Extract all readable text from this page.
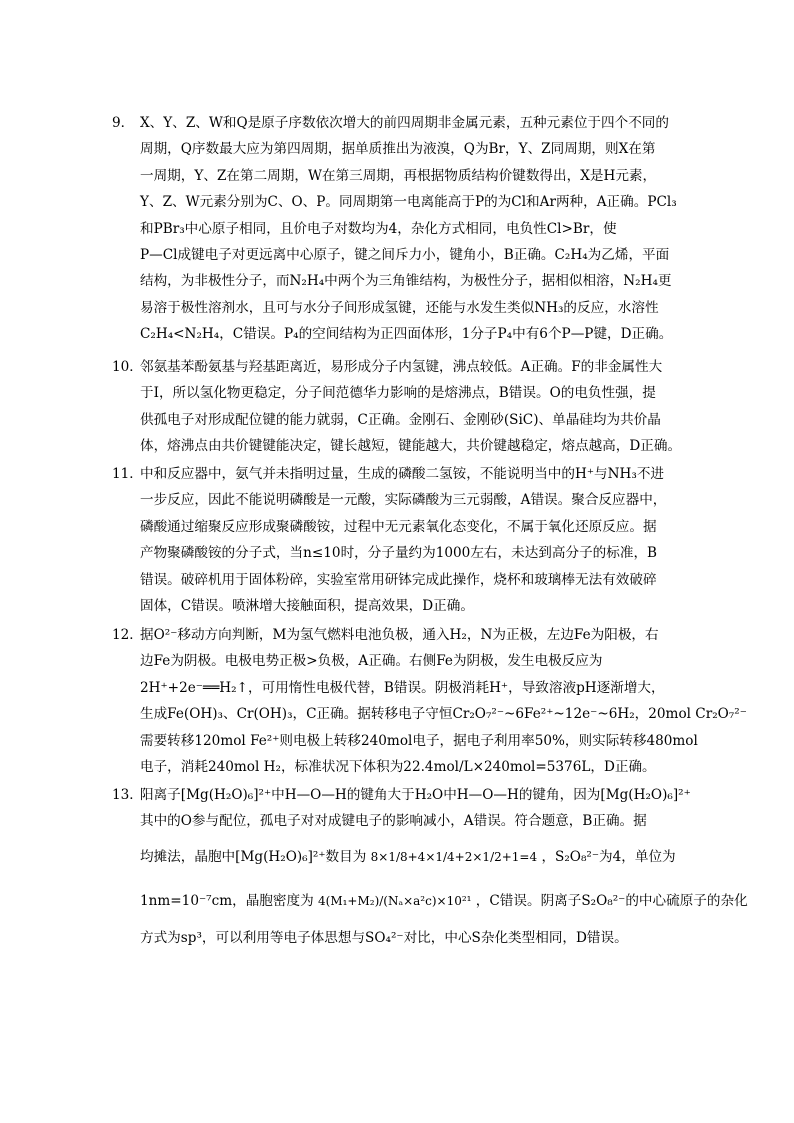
9． X、Y、Z、W和Q是原子序数依次增大的前四周期非金属元素，五种元素位于四个不同的
周期，Q序数最大应为第四周期，据单质推出为液溴，Q为Br，Y、Z同周期，则X在第
一周期，Y、Z在第二周期，W在第三周期，再根据物质结构价键数得出，X是H元素，
Y、Z、W元素分别为C、O、P。同周期第一电离能高于P的为Cl和Ar两种，A正确。PCl₃
和PBr₃中心原子相同，且价电子对数均为4，杂化方式相同，电负性Cl>Br，使
P—Cl成键电子对更远离中心原子，键之间斥力小，键角小，B正确。C₂H₄为乙烯，平面
结构，为非极性分子，而N₂H₄中两个为三角锥结构，为极性分子，据相似相溶，N₂H₄更
易溶于极性溶剂水，且可与水分子间形成氢键，还能与水发生类似NH₃的反应，水溶性
C₂H₄<N₂H₄，C错误。P₄的空间结构为正四面体形，1分子P₄中有6个P—P键，D正确。
10．邻氨基苯酚氨基与羟基距离近，易形成分子内氢键，沸点较低。A正确。F的非金属性大
于I，所以氢化物更稳定，分子间范德华力影响的是熔沸点，B错误。O的电负性强，提
供孤电子对形成配位键的能力就弱，C正确。金刚石、金刚砂(SiC)、单晶硅均为共价晶
体，熔沸点由共价键键能决定，键长越短，键能越大，共价键越稳定，熔点越高，D正确。
11．中和反应器中，氨气并未指明过量，生成的磷酸二氢铵，不能说明当中的H⁺与NH₃不进
一步反应，因此不能说明磷酸是一元酸，实际磷酸为三元弱酸，A错误。聚合反应器中，
磷酸通过缩聚反应形成聚磷酸铵，过程中无元素氧化态变化，不属于氧化还原反应。据
产物聚磷酸铵的分子式，当n≤10时，分子量约为1000左右，未达到高分子的标准，B
错误。破碎机用于固体粉碎，实验室常用研钵完成此操作，烧杯和玻璃棒无法有效破碎
固体，C错误。喷淋增大接触面积，提高效果，D正确。
12．据O²⁻移动方向判断，M为氢气燃料电池负极，通入H₂，N为正极，左边Fe为阳极，右
边Fe为阴极。电极电势正极>负极，A正确。右侧Fe为阴极，发生电极反应为
2H⁺+2e⁻══H₂↑，可用惰性电极代替，B错误。阴极消耗H⁺，导致溶液pH逐渐增大，
生成Fe(OH)₃、Cr(OH)₃，C正确。据转移电子守恒Cr₂O₇²⁻~6Fe²⁺~12e⁻~6H₂，20mol Cr₂O₇²⁻
需要转移120mol Fe²⁺则电极上转移240mol电子，据电子利用率50%，则实际转移480mol
电子，消耗240mol H₂，标准状况下体积为22.4mol/L×240mol=5376L，D正确。
13．阳离子[Mg(H₂O)₆]²⁺中H—O—H的键角大于H₂O中H—O—H的键角，因为[Mg(H₂O)₆]²⁺
其中的O参与配位，孤电子对对成键电子的影响减小，A错误。符合题意，B正确。据
均摊法，晶胞中[Mg(H₂O)₆]²⁺数目为 8×1/8+4×1/4+2×1/2+1=4 ，S₂O₈²⁻为4，单位为
1nm=10⁻⁷cm，晶胞密度为 4(M₁+M₂)/(Nₐ×a²c)×10²¹ ，C错误。阴离子S₂O₈²⁻的中心硫原子的杂化
方式为sp³，可以利用等电子体思想与SO₄²⁻对比，中心S杂化类型相同，D错误。
